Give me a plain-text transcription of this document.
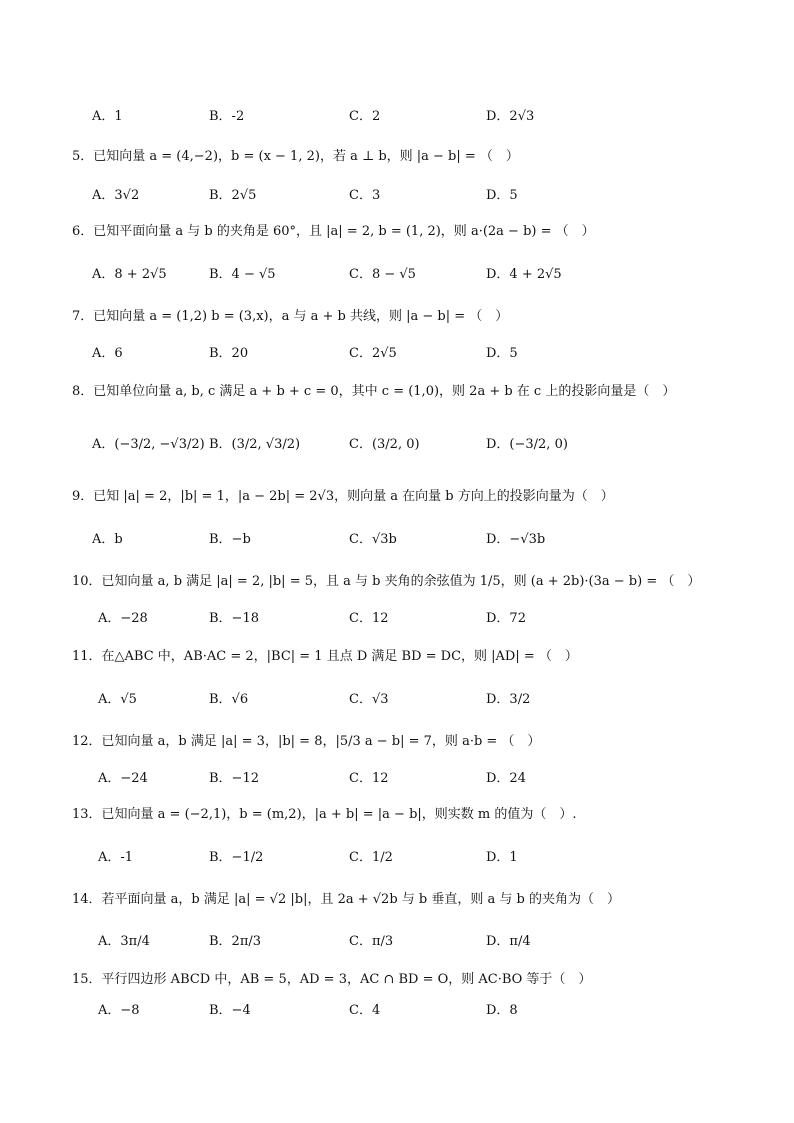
A．1	B．-2	C．2	D．2√3
5．已知向量 a = (4,−2)，b = (x − 1, 2)，若 a ⊥ b，则 |a − b| = （　）
A．3√2	B．2√5	C．3	D．5
6．已知平面向量 a 与 b 的夹角是 60°，且 |a| = 2, b = (1, 2)，则 a·(2a − b) = （　）
A．8 + 2√5	B．4 − √5	C．8 − √5	D．4 + 2√5
7．已知向量 a = (1,2) b = (3,x)，a 与 a + b 共线，则 |a − b| = （　）
A．6	B．20	C．2√5	D．5
8．已知单位向量 a, b, c 满足 a + b + c = 0，其中 c = (1,0)，则 2a + b 在 c 上的投影向量是（　）
A．(−3/2, −√3/2) B．(3/2, √3/2)	C．(3/2, 0)	D．(−3/2, 0)
9．已知 |a| = 2，|b| = 1，|a − 2b| = 2√3，则向量 a 在向量 b 方向上的投影向量为（　）
A．b	B．−b	C．√3b	D．−√3b
10．已知向量 a, b 满足 |a| = 2, |b| = 5，且 a 与 b 夹角的余弦值为 1/5，则 (a + 2b)·(3a − b) = （　）
A．−28	B．−18	C．12	D．72
11．在△ABC 中，AB·AC = 2，|BC| = 1 且点 D 满足 BD = DC，则 |AD| = （　）
A．√5	B．√6	C．√3	D．3/2
12．已知向量 a，b 满足 |a| = 3，|b| = 8，|5/3 a − b| = 7，则 a·b = （　）
A．−24	B．−12	C．12	D．24
13．已知向量 a = (−2,1)，b = (m,2)，|a + b| = |a − b|，则实数 m 的值为（　）.
A．-1	B．−1/2	C．1/2	D．1
14．若平面向量 a，b 满足 |a| = √2 |b|，且 2a + √2b 与 b 垂直，则 a 与 b 的夹角为（　）
A．3π/4	B．2π/3	C．π/3	D．π/4
15．平行四边形 ABCD 中，AB = 5，AD = 3，AC ∩ BD = O，则 AC·BO 等于（　）
A．−8	B．−4	C．4	D．8
